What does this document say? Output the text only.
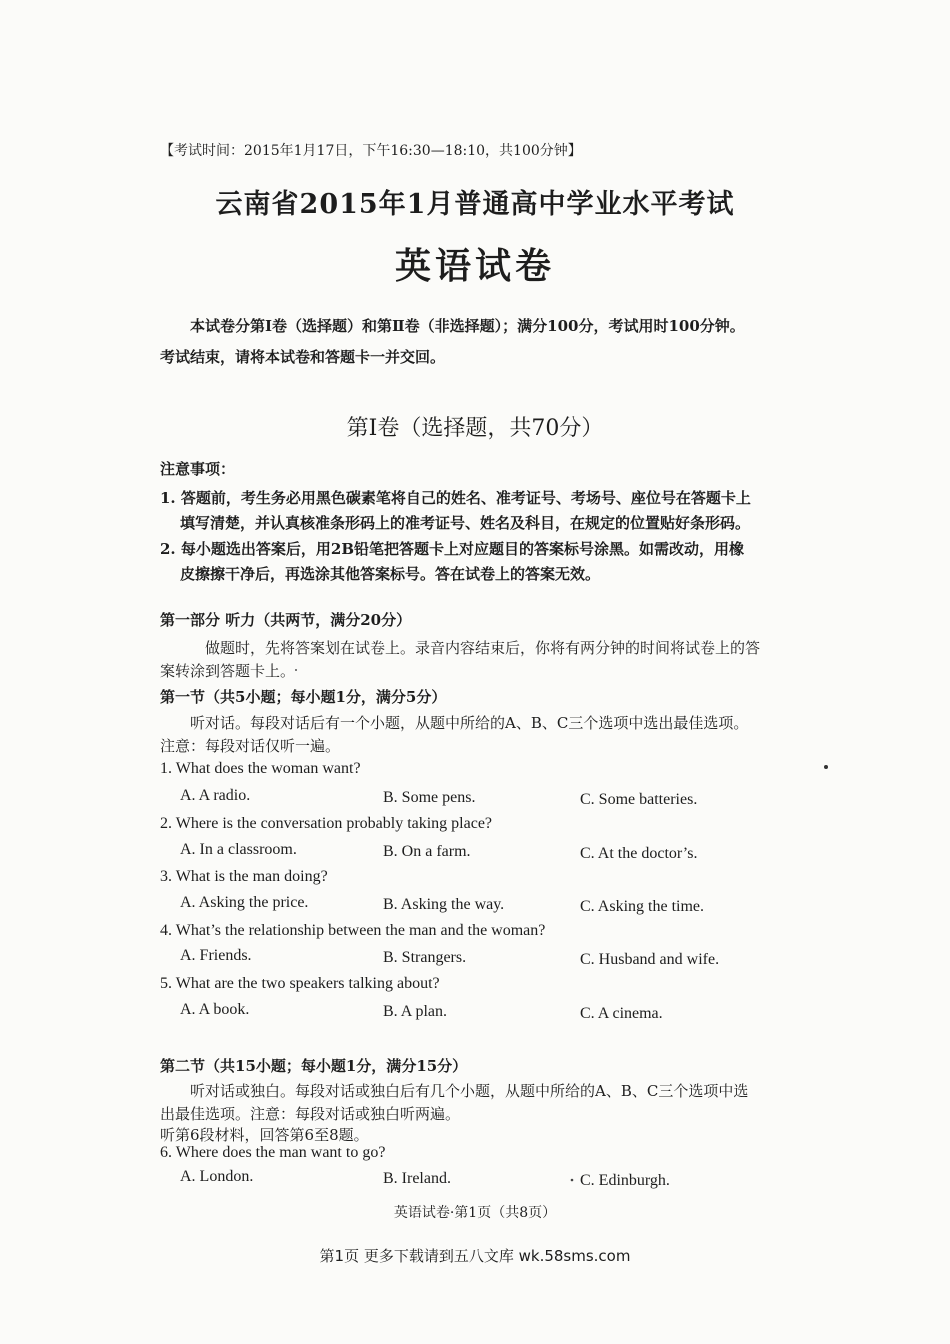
【考试时间：2015年1月17日，下午16:30—18:10，共100分钟】
云南省2015年1月普通高中学业水平考试
英语试卷
本试卷分第Ⅰ卷（选择题）和第Ⅱ卷（非选择题）；满分100分，考试用时100分钟。
考试结束，请将本试卷和答题卡一并交回。
第Ⅰ卷（选择题，共70分）
注意事项：
1. 答题前，考生务必用黑色碳素笔将自己的姓名、准考证号、考场号、座位号在答题卡上
填写清楚，并认真核准条形码上的准考证号、姓名及科目，在规定的位置贴好条形码。
2. 每小题选出答案后，用2B铅笔把答题卡上对应题目的答案标号涂黑。如需改动，用橡
皮擦擦干净后，再选涂其他答案标号。答在试卷上的答案无效。
第一部分 听力（共两节，满分20分）
做题时，先将答案划在试卷上。录音内容结束后，你将有两分钟的时间将试卷上的答
案转涂到答题卡上。
第一节（共5小题；每小题1分，满分5分）
听对话。每段对话后有一个小题，从题中所给的A、B、C三个选项中选出最佳选项。
注意：每段对话仅听一遍。
1. What does the woman want?
A. A radio.	B. Some pens.	C. Some batteries.
2. Where is the conversation probably taking place?
A. In a classroom.	B. On a farm.	C. At the doctor’s.
3. What is the man doing?
A. Asking the price.	B. Asking the way.	C. Asking the time.
4. What’s the relationship between the man and the woman?
A. Friends.	B. Strangers.	C. Husband and wife.
5. What are the two speakers talking about?
A. A book.	B. A plan.	C. A cinema.
第二节（共15小题；每小题1分，满分15分）
听对话或独白。每段对话或独白后有几个小题，从题中所给的A、B、C三个选项中选
出最佳选项。注意：每段对话或独白听两遍。
听第6段材料，回答第6至8题。
6. Where does the man want to go?
A. London.	B. Ireland.	C. Edinburgh.
英语试卷·第1页（共8页）
第1页 更多下载请到五八文库 wk.58sms.com
